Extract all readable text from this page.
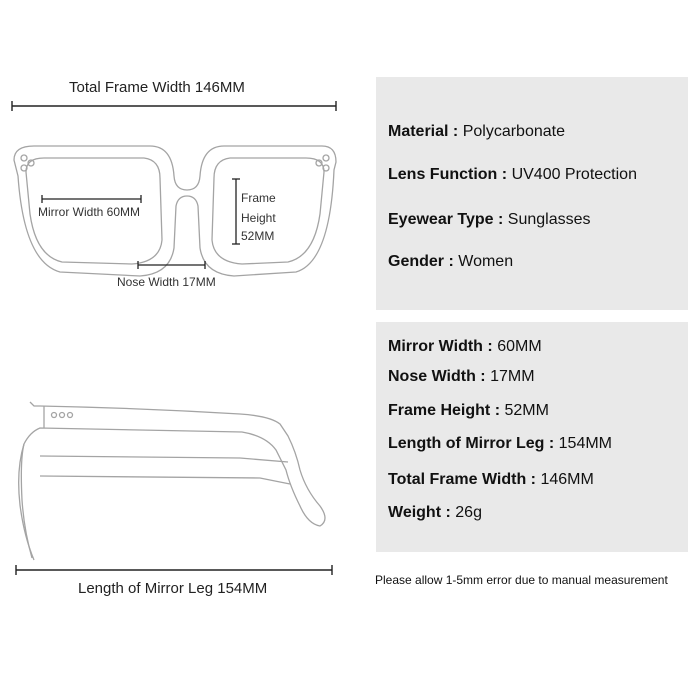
Total Frame Width 146MM
Mirror Width 60MM
Frame
Height
52MM
Nose Width 17MM
Length of Mirror Leg 154MM
Material : Polycarbonate
Lens Function : UV400 Protection
Eyewear Type : Sunglasses
Gender : Women
Mirror Width : 60MM
Nose Width : 17MM
Frame Height : 52MM
Length of Mirror Leg : 154MM
Total Frame Width : 146MM
Weight : 26g
Please allow 1-5mm error due to manual measurement
